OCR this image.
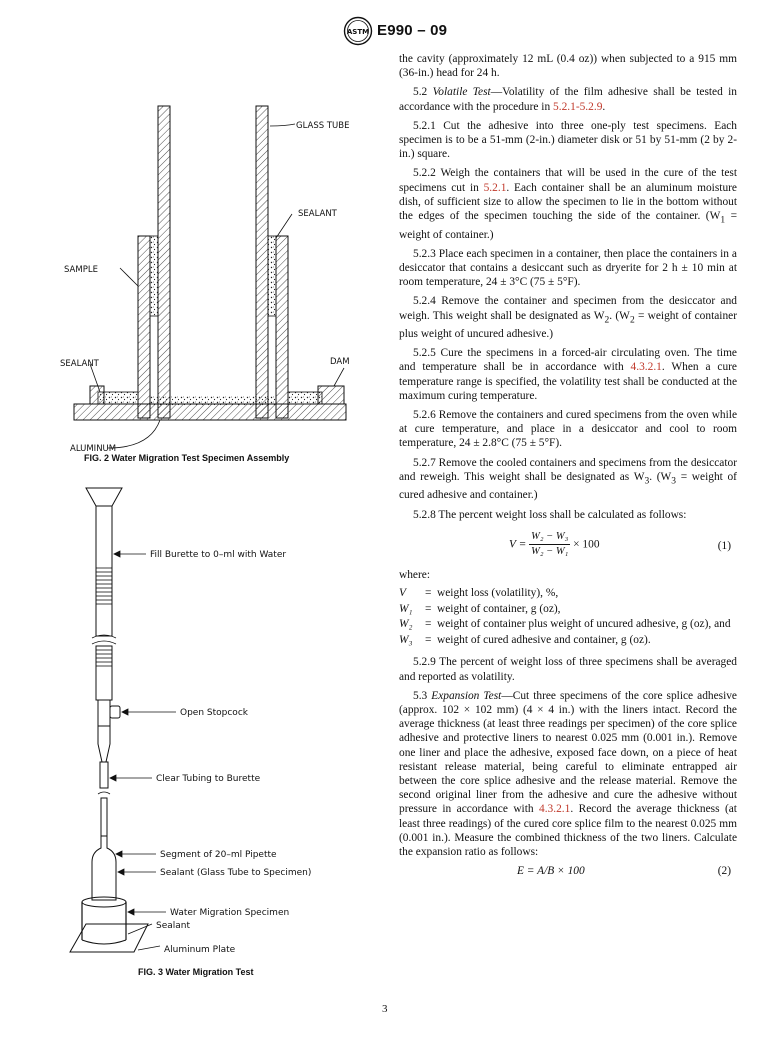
ASTM E990 – 09
GLASS TUBE
SEALANT
SAMPLE
SEALANT	DAM
ALUMINUM
FIG. 2 Water Migration Test Specimen Assembly
Fill Burette to 0–ml with Water
Open Stopcock
Clear Tubing to Burette
Segment of 20–ml Pipette
Sealant (Glass Tube to Specimen)
Water Migration Specimen
Sealant
Aluminum Plate
FIG. 3 Water Migration Test

the cavity (approximately 12 mL (0.4 oz)) when subjected to a 915 mm (36-in.) head for 24 h.

5.2 Volatile Test—Volatility of the film adhesive shall be tested in accordance with the procedure in 5.2.1-5.2.9.

5.2.1 Cut the adhesive into three one-ply test specimens. Each specimen is to be a 51-mm (2-in.) diameter disk or 51 by 51-mm (2 by 2-in.) square.

5.2.2 Weigh the containers that will be used in the cure of the test specimens cut in 5.2.1. Each container shall be an aluminum moisture dish, of sufficient size to allow the specimen to lie in the bottom without the edges of the specimen touching the side of the container. ($W_1$ = weight of container.)

5.2.3 Place each specimen in a container, then place the containers in a desiccator that contains a desiccant such as dryerite for 2 h ± 10 min at room temperature, 24 ± 3°C (75 ± 5°F).

5.2.4 Remove the container and specimen from the desiccator and weigh. This weight shall be designated as $W_2$. ($W_2$ = weight of container plus weight of uncured adhesive.)

5.2.5 Cure the specimens in a forced-air circulating oven. The time and temperature shall be in accordance with 4.3.2.1. When a cure temperature range is specified, the volatility test shall be conducted at the maximum curing temperature.

5.2.6 Remove the containers and cured specimens from the oven while at cure temperature, and place in a desiccator and cool to room temperature, 24 ± 2.8°C (75 ± 5°F).

5.2.7 Remove the cooled containers and specimens from the desiccator and reweigh. This weight shall be designated as $W_3$. ($W_3$ = weight of cured adhesive and container.)

5.2.8 The percent weight loss shall be calculated as follows:

$V = \frac{\text{W₂ − W₃}}{\text{W₂ − W₁}} \times 100$	(1)

where:

V	=	weight loss (volatility), %,
W₁	=	weight of container, g (oz),
W₂	=	weight of container plus weight of uncured adhesive, g (oz), and
W₃	=	weight of cured adhesive and container, g (oz).

5.2.9 The percent of weight loss of three specimens shall be averaged and reported as volatility.

5.3 Expansion Test—Cut three specimens of the core splice adhesive (approx. 102 × 102 mm) (4 × 4 in.) with the liners intact. Record the average thickness (at least three readings per specimen) of the core splice adhesive and protective liners to nearest 0.025 mm (0.001 in.). Remove one liner and place the adhesive, exposed face down, on a piece of heat resistant release material, being careful to eliminate entrapped air between the core splice adhesive and the release material. Remove the second original liner from the adhesive and cure the adhesive without pressure in accordance with 4.3.2.1. Record the average thickness (at least three readings) of the cured core splice film to the nearest 0.025 mm (0.001 in.). Measure the combined thickness of the two liners. Calculate the expansion ratio as follows:

E = A/B × 100	(2)
3
